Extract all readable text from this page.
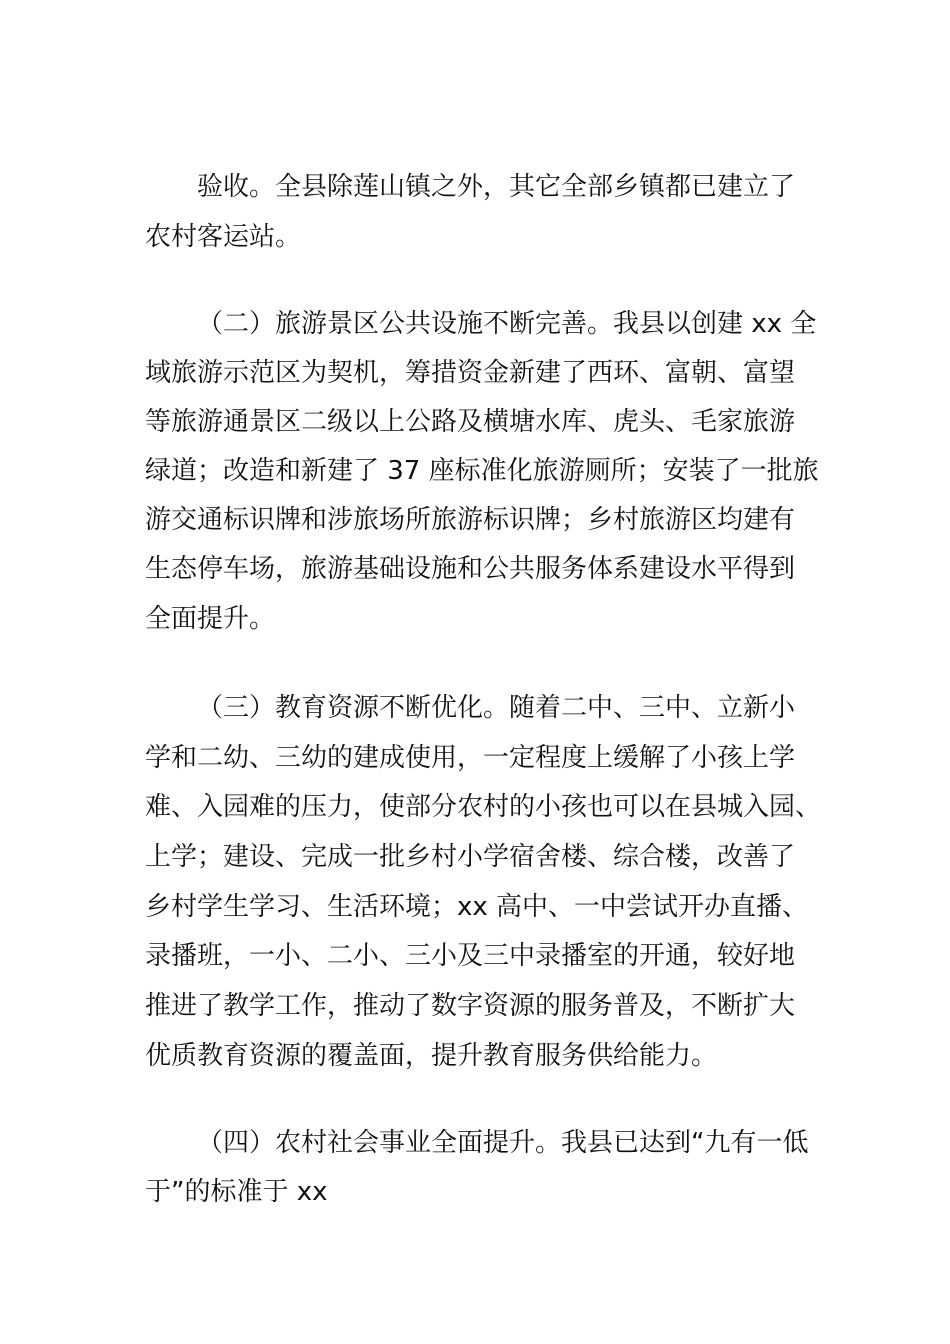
验收。全县除莲山镇之外，其它全部乡镇都已建立了
农村客运站。
（二）旅游景区公共设施不断完善。我县以创建 xx 全
域旅游示范区为契机，筹措资金新建了西环、富朝、富望
等旅游通景区二级以上公路及横塘水库、虎头、毛家旅游
绿道；改造和新建了 37 座标准化旅游厕所；安装了一批旅
游交通标识牌和涉旅场所旅游标识牌；乡村旅游区均建有
生态停车场，旅游基础设施和公共服务体系建设水平得到
全面提升。
（三）教育资源不断优化。随着二中、三中、立新小
学和二幼、三幼的建成使用，一定程度上缓解了小孩上学
难、入园难的压力，使部分农村的小孩也可以在县城入园、
上学；建设、完成一批乡村小学宿舍楼、综合楼，改善了
乡村学生学习、生活环境；xx 高中、一中尝试开办直播、
录播班，一小、二小、三小及三中录播室的开通，较好地
推进了教学工作，推动了数字资源的服务普及，不断扩大
优质教育资源的覆盖面，提升教育服务供给能力。
（四）农村社会事业全面提升。我县已达到“九有一低
于”的标准于 xx
